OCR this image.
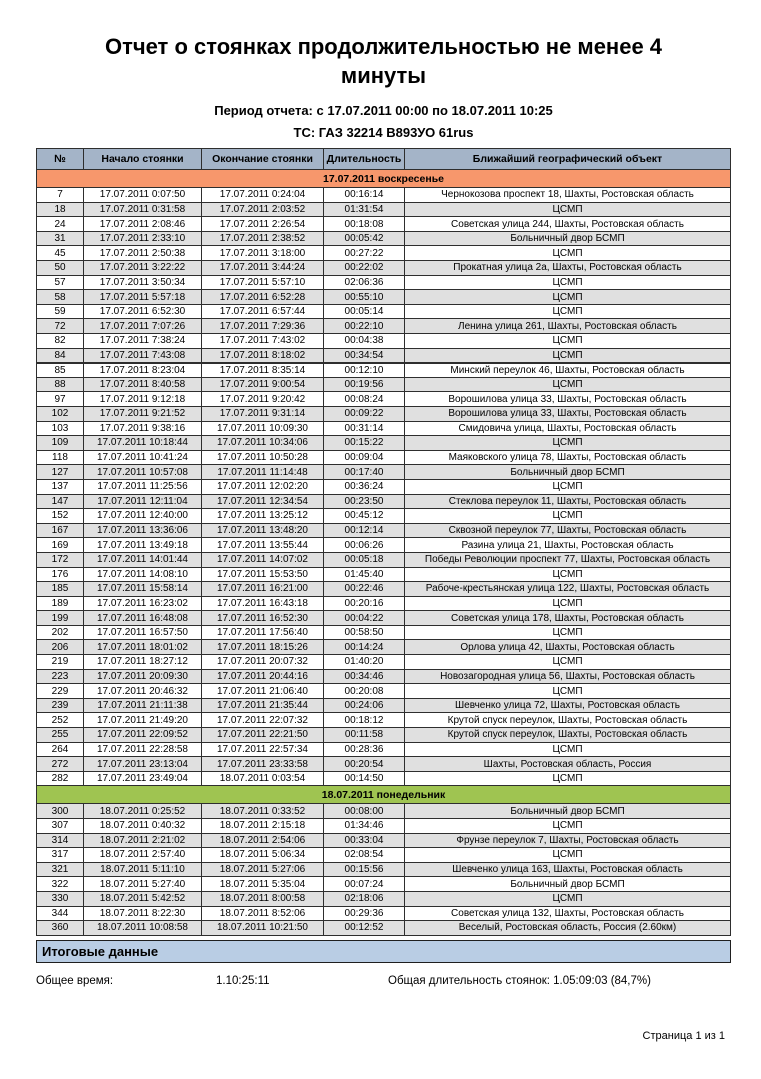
Отчет о стоянках продолжительностью не менее 4 минуты

Период отчета: с 17.07.2011 00:00 по 18.07.2011 10:25

ТС: ГАЗ 32214 В893УО 61rus

№	Начало стоянки	Окончание стоянки	Длительность	Ближайший географический объект
17.07.2011 воскресенье				
7	17.07.2011 0:07:50	17.07.2011 0:24:04	00:16:14	Чернокозова проспект 18, Шахты, Ростовская область
18	17.07.2011 0:31:58	17.07.2011 2:03:52	01:31:54	ЦСМП
24	17.07.2011 2:08:46	17.07.2011 2:26:54	00:18:08	Советская улица 244, Шахты, Ростовская область
31	17.07.2011 2:33:10	17.07.2011 2:38:52	00:05:42	Больничный двор БСМП
45	17.07.2011 2:50:38	17.07.2011 3:18:00	00:27:22	ЦСМП
50	17.07.2011 3:22:22	17.07.2011 3:44:24	00:22:02	Прокатная улица 2а, Шахты, Ростовская область
57	17.07.2011 3:50:34	17.07.2011 5:57:10	02:06:36	ЦСМП
58	17.07.2011 5:57:18	17.07.2011 6:52:28	00:55:10	ЦСМП
59	17.07.2011 6:52:30	17.07.2011 6:57:44	00:05:14	ЦСМП
72	17.07.2011 7:07:26	17.07.2011 7:29:36	00:22:10	Ленина улица 261, Шахты, Ростовская область
82	17.07.2011 7:38:24	17.07.2011 7:43:02	00:04:38	ЦСМП
84	17.07.2011 7:43:08	17.07.2011 8:18:02	00:34:54	ЦСМП
85	17.07.2011 8:23:04	17.07.2011 8:35:14	00:12:10	Минский переулок 46, Шахты, Ростовская область
88	17.07.2011 8:40:58	17.07.2011 9:00:54	00:19:56	ЦСМП
97	17.07.2011 9:12:18	17.07.2011 9:20:42	00:08:24	Ворошилова улица 33, Шахты, Ростовская область
102	17.07.2011 9:21:52	17.07.2011 9:31:14	00:09:22	Ворошилова улица 33, Шахты, Ростовская область
103	17.07.2011 9:38:16	17.07.2011 10:09:30	00:31:14	Смидовича улица, Шахты, Ростовская область
109	17.07.2011 10:18:44	17.07.2011 10:34:06	00:15:22	ЦСМП
118	17.07.2011 10:41:24	17.07.2011 10:50:28	00:09:04	Маяковского улица 78, Шахты, Ростовская область
127	17.07.2011 10:57:08	17.07.2011 11:14:48	00:17:40	Больничный двор БСМП
137	17.07.2011 11:25:56	17.07.2011 12:02:20	00:36:24	ЦСМП
147	17.07.2011 12:11:04	17.07.2011 12:34:54	00:23:50	Стеклова переулок 11, Шахты, Ростовская область
152	17.07.2011 12:40:00	17.07.2011 13:25:12	00:45:12	ЦСМП
167	17.07.2011 13:36:06	17.07.2011 13:48:20	00:12:14	Сквозной переулок 77, Шахты, Ростовская область
169	17.07.2011 13:49:18	17.07.2011 13:55:44	00:06:26	Разина улица 21, Шахты, Ростовская область
172	17.07.2011 14:01:44	17.07.2011 14:07:02	00:05:18	Победы Революции проспект 77, Шахты, Ростовская область
176	17.07.2011 14:08:10	17.07.2011 15:53:50	01:45:40	ЦСМП
185	17.07.2011 15:58:14	17.07.2011 16:21:00	00:22:46	Рабоче-крестьянская улица 122, Шахты, Ростовская область
189	17.07.2011 16:23:02	17.07.2011 16:43:18	00:20:16	ЦСМП
199	17.07.2011 16:48:08	17.07.2011 16:52:30	00:04:22	Советская улица 178, Шахты, Ростовская область
202	17.07.2011 16:57:50	17.07.2011 17:56:40	00:58:50	ЦСМП
206	17.07.2011 18:01:02	17.07.2011 18:15:26	00:14:24	Орлова улица 42, Шахты, Ростовская область
219	17.07.2011 18:27:12	17.07.2011 20:07:32	01:40:20	ЦСМП
223	17.07.2011 20:09:30	17.07.2011 20:44:16	00:34:46	Новозагородная улица 56, Шахты, Ростовская область
229	17.07.2011 20:46:32	17.07.2011 21:06:40	00:20:08	ЦСМП
239	17.07.2011 21:11:38	17.07.2011 21:35:44	00:24:06	Шевченко улица 72, Шахты, Ростовская область
252	17.07.2011 21:49:20	17.07.2011 22:07:32	00:18:12	Крутой спуск переулок, Шахты, Ростовская область
255	17.07.2011 22:09:52	17.07.2011 22:21:50	00:11:58	Крутой спуск переулок, Шахты, Ростовская область
264	17.07.2011 22:28:58	17.07.2011 22:57:34	00:28:36	ЦСМП
272	17.07.2011 23:13:04	17.07.2011 23:33:58	00:20:54	Шахты, Ростовская область, Россия
282	17.07.2011 23:49:04	18.07.2011 0:03:54	00:14:50	ЦСМП
18.07.2011 понедельник				
300	18.07.2011 0:25:52	18.07.2011 0:33:52	00:08:00	Больничный двор БСМП
307	18.07.2011 0:40:32	18.07.2011 2:15:18	01:34:46	ЦСМП
314	18.07.2011 2:21:02	18.07.2011 2:54:06	00:33:04	Фрунзе переулок 7, Шахты, Ростовская область
317	18.07.2011 2:57:40	18.07.2011 5:06:34	02:08:54	ЦСМП
321	18.07.2011 5:11:10	18.07.2011 5:27:06	00:15:56	Шевченко улица 163, Шахты, Ростовская область
322	18.07.2011 5:27:40	18.07.2011 5:35:04	00:07:24	Больничный двор БСМП
330	18.07.2011 5:42:52	18.07.2011 8:00:58	02:18:06	ЦСМП
344	18.07.2011 8:22:30	18.07.2011 8:52:06	00:29:36	Советская улица 132, Шахты, Ростовская область
360	18.07.2011 10:08:58	18.07.2011 10:21:50	00:12:52	Веселый, Ростовская область, Россия (2.60км)
Итоговые данные
Общее время:	1.10:25:11	Общая длительность стоянок: 1.05:09:03 (84,7%)
Страница 1 из 1
